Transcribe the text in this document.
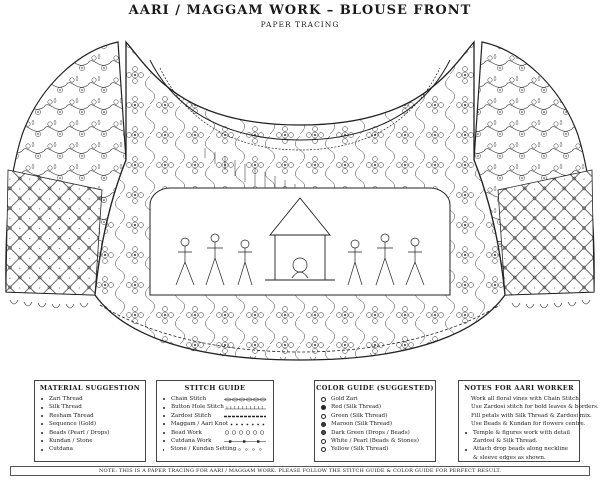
AARI / MAGGAM WORK – BLOUSE FRONT
PAPER TRACING
MATERIAL SUGGESTION
Zari Thread
Silk Thread
Resham Thread
Sequence (Gold)
Beads (Pearl / Drops)
Kundan / Stone
Cutdana
STITCH GUIDE
Chain Stitch
Button Hole Stitch
Zardosi Stitch
Maggam / Aari Knot
Bead Work
Cutdana Work
Stone / Kundan Setting
COLOR GUIDE (SUGGESTED)
Gold Zari
Red (Silk Thread)
Green (Silk Thread)
Maroon (Silk Thread)
Dark Green (Drops / Beads)
White / Pearl (Beads & Stones)
Yellow (Silk Thread)
NOTES FOR AARI WORKER
Work all floral vines with Chain Stitch.
Use Zardosi stitch for bold leaves & borders.
Fill petals with Silk Thread & Zardosi mix.
Use Beads & Kundan for flowers centre.
Temple & figures work with detail
Zardosi & Silk Thread.
Attach drop beads along neckline
& sleeve edges as shown.
NOTE: THIS IS A PAPER TRACING FOR AARI / MAGGAM WORK. PLEASE FOLLOW THE STITCH GUIDE & COLOR GUIDE FOR PERFECT RESULT.
